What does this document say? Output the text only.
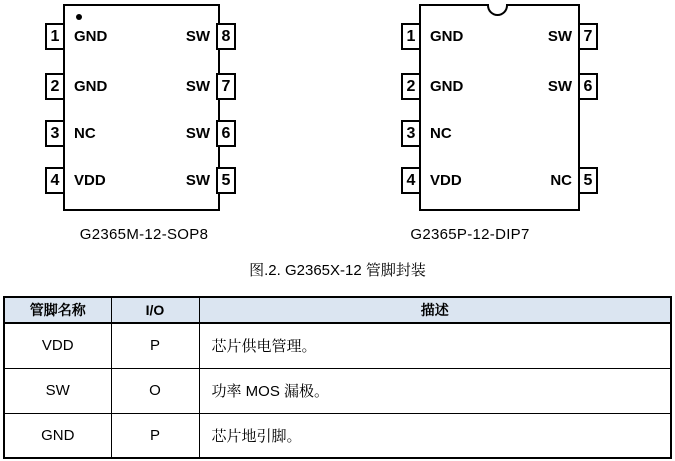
1
2
3
4
GND
GND
NC
VDD
8
7
6
5
SW
SW
SW
SW
1
2
3
4
GND
GND
NC
VDD
7
6
5
SW
SW
NC
G2365M-12-SOP8	G2365P-12-DIP7
图.2. G2365X-12 管脚封装
管脚名称	I/O	描述
VDD	P	芯片供电管理。
SW	O	功率 MOS 漏极。
GND	P	芯片地引脚。
